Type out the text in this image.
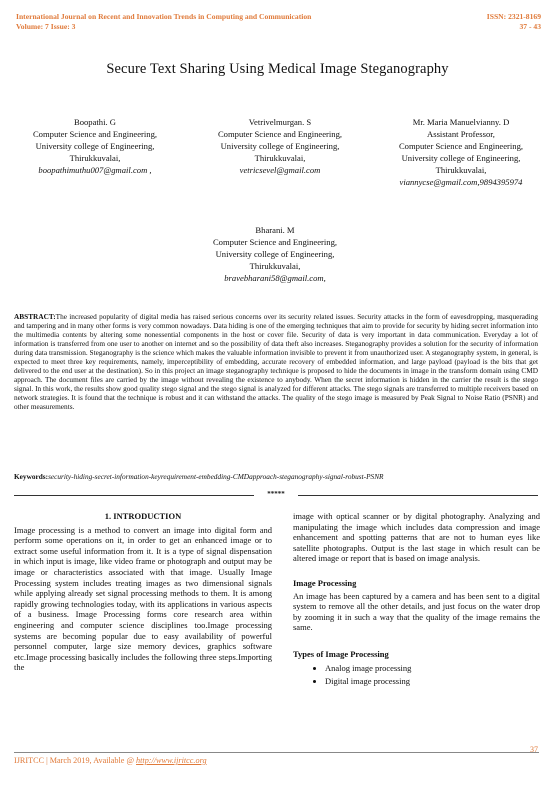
International Journal on Recent and Innovation Trends in Computing and Communication
Volume: 7 Issue: 3
ISSN: 2321-8169
37 - 43
Secure Text Sharing Using Medical Image Steganography
Boopathi. G
Computer Science and Engineering,
University college of Engineering,
Thirukkuvalai,
boopathimuthu007@gmail.com ,
Vetrivelmurgan. S
Computer Science and Engineering,
University college of Engineering,
Thirukkuvalai,
vetricsevel@gmail.com
Mr. Maria Manuelvianny. D
Assistant Professor,
Computer Science and Engineering,
University college of Engineering,
Thirukkuvalai,
viannycse@gmail.com,9894395974
Bharani. M
Computer Science and Engineering,
University college of Engineering,
Thirukkuvalai,
bravebharani58@gmail.com,
ABSTRACT:The increased popularity of digital media has raised serious concerns over its security related issues. Security attacks in the form of eavesdropping, masquerading and tampering and in many other forms is very common nowadays. Data hiding is one of the emerging techniques that aim to provide for security by hiding secret information into the multimedia contents by altering some nonessential components in the host or cover file. Security of data is very important in data communication. Everyday a lot of information is transferred from one user to another on internet and so the possibility of data theft also increases. Steganography provides a solution for the security of information during data transmission. Steganography is the science which makes the valuable information invisible to prevent it from unauthorized user. A steganography system, in general, is expected to meet three key requirements, namely, imperceptibility of embedding, accurate recovery of embedded information, and large payload (payload is the bits that get delivered to the end user at the destination). So in this project an image steganography technique is proposed to hide the documents in image in the transform domain using CMD approach. The document files are carried by the image without revealing the existence to anybody. When the secret information is hidden in the carrier the result is the stego signal. In this work, the results show good quality stego signal and the stego signal is analyzed for different attacks. The stego signals are transferred to multiple receivers based on network strategies. It is found that the technique is robust and it can withstand the attacks. The quality of the stego image is measured by Peak Signal to Noise Ratio (PSNR) and other measurements.
Keywords:security-hiding-secret-information-keyrequirement-embedding-CMDapproach-steganography-signal-robust-PSNR
*****
1. INTRODUCTION

Image processing is a method to convert an image into digital form and perform some operations on it, in order to get an enhanced image or to extract some useful information from it. It is a type of signal dispensation in which input is image, like video frame or photograph and output may be image or characteristics associated with that image. Usually Image Processing system includes treating images as two dimensional signals while applying already set signal processing methods to them. It is among rapidly growing technologies today, with its applications in various aspects of a business. Image Processing forms core research area within engineering and computer science disciplines too.Image processing systems are becoming popular due to easy availability of powerful personnel computer, large size memory devices, graphics software etc.Image processing basically includes the following three steps.Importing the

image with optical scanner or by digital photography. Analyzing and manipulating the image which includes data compression and image enhancement and spotting patterns that are not to human eyes like satellite photographs. Output is the last stage in which result can be altered image or report that is based on image analysis.

Image Processing

An image has been captured by a camera and has been sent to a digital system to remove all the other details, and just focus on the water drop by zooming it in such a way that the quality of the image remains the same.

Types of Image Processing
• Analog image processing
• Digital image processing
37
IJRITCC | March 2019, Available @ http://www.ijritcc.org
